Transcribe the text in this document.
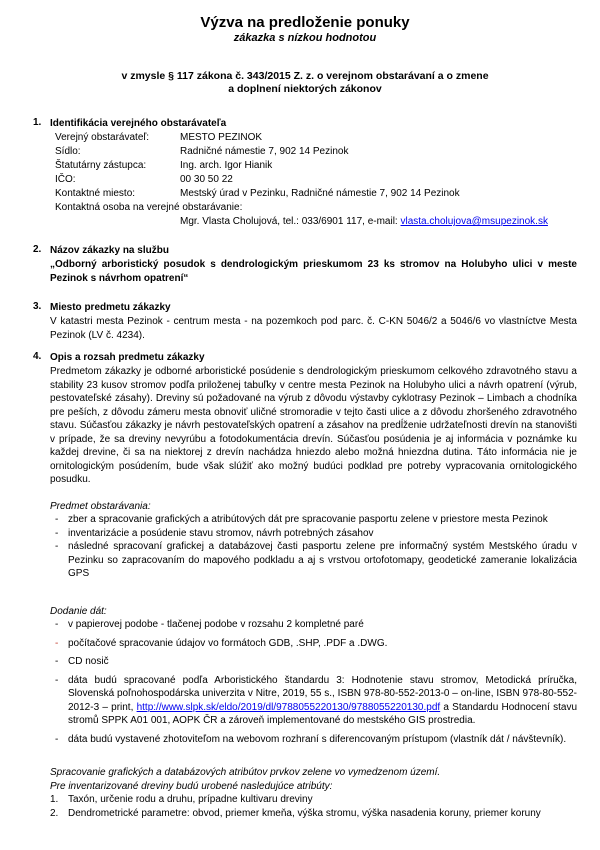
Výzva na predloženie ponuky
zákazka s nízkou hodnotou
v zmysle § 117 zákona č. 343/2015 Z. z. o verejnom obstarávaní a o zmene
a doplnení niektorých zákonov
1. Identifikácia verejného obstarávateľa
Verejný obstarávateľ:	MESTO PEZINOK
Sídlo:	Radničné námestie 7, 902 14 Pezinok
Štatutárny zástupca:	Ing. arch. Igor Hianik
IČO:	00 30 50 22
Kontaktné miesto:	Mestský úrad v Pezinku, Radničné námestie 7, 902 14 Pezinok
Kontaktná osoba na verejné obstarávanie:
Mgr. Vlasta Cholujová, tel.: 033/6901 117, e-mail: vlasta.cholujova@msupezinok.sk
2. Názov zákazky na službu
„Odborný arboristický posudok s dendrologickým prieskumom 23 ks stromov na Holubyho ulici v meste Pezinok s návrhom opatrení“
3. Miesto predmetu zákazky
V katastri mesta Pezinok - centrum mesta - na pozemkoch pod parc. č. C-KN 5046/2 a 5046/6 vo vlastníctve Mesta Pezinok (LV č. 4234).
4. Opis a rozsah predmetu zákazky
Predmetom zákazky je odborné arboristické posúdenie s dendrologickým prieskumom celkového zdravotného stavu a stability 23 kusov stromov podľa priloženej tabuľky v centre mesta Pezinok na Holubyho ulici a návrh opatrení (výrub, pestovateľské zásahy). Dreviny sú požadované na výrub z dôvodu výstavby cyklotrasy Pezinok – Limbach a chodníka pre peších, z dôvodu zámeru mesta obnoviť uličné stromoradie v tejto časti ulice a z dôvodu zhoršeného zdravotného stavu. Súčasťou zákazky je návrh pestovateľských opatrení a zásahov na predĺženie udržateľnosti drevín na stanovišti v prípade, že sa dreviny nevyrúbu a fotodokumentácia drevín. Súčasťou posúdenia je aj informácia v poznámke ku každej drevine, či sa na niektorej z drevín nachádza hniezdo alebo možná hniezdna dutina. Táto informácia nie je ornitologickým posúdením, bude však slúžiť ako možný budúci podklad pre potreby vypracovania ornitologického posudku.
Predmet obstarávania:
- zber a spracovanie grafických a atribútových dát pre spracovanie pasportu zelene v priestore mesta Pezinok
- inventarizácie a posúdenie stavu stromov, návrh potrebných zásahov
- následné spracovaní grafickej a databázovej časti pasportu zelene pre informačný systém Mestského úradu v Pezinku so zapracovaním do mapového podkladu a aj s vrstvou ortofotomapy, geodetické zameranie lokalizácia GPS
Dodanie dát:
- v papierovej podobe - tlačenej podobe v rozsahu 2 kompletné paré
- počítačové spracovanie údajov vo formátoch GDB, .SHP, .PDF a .DWG.
- CD nosič
- dáta budú spracované podľa Arboristického štandardu 3: Hodnotenie stavu stromov, Metodická príručka, Slovenská poľnohospodárska univerzita v Nitre, 2019, 55 s., ISBN 978-80-552-2013-0 – on-line, ISBN 978-80-552-2012-3 – print, http://www.slpk.sk/eldo/2019/dl/9788055220130/9788055220130.pdf a Standardu Hodnocení stavu stromů SPPK A01 001, AOPK ČR a zároveň implementované do mestského GIS prostredia.
- dáta budú vystavené zhotoviteľom na webovom rozhraní s diferencovaným prístupom (vlastník dát / návštevník).
Spracovanie grafických a databázových atribútov prvkov zelene vo vymedzenom území.
Pre inventarizované dreviny budú urobené nasledujúce atribúty:
1. Taxón, určenie rodu a druhu, prípadne kultivaru dreviny
2. Dendrometrické parametre: obvod, priemer kmeňa, výška stromu, výška nasadenia koruny, priemer koruny
